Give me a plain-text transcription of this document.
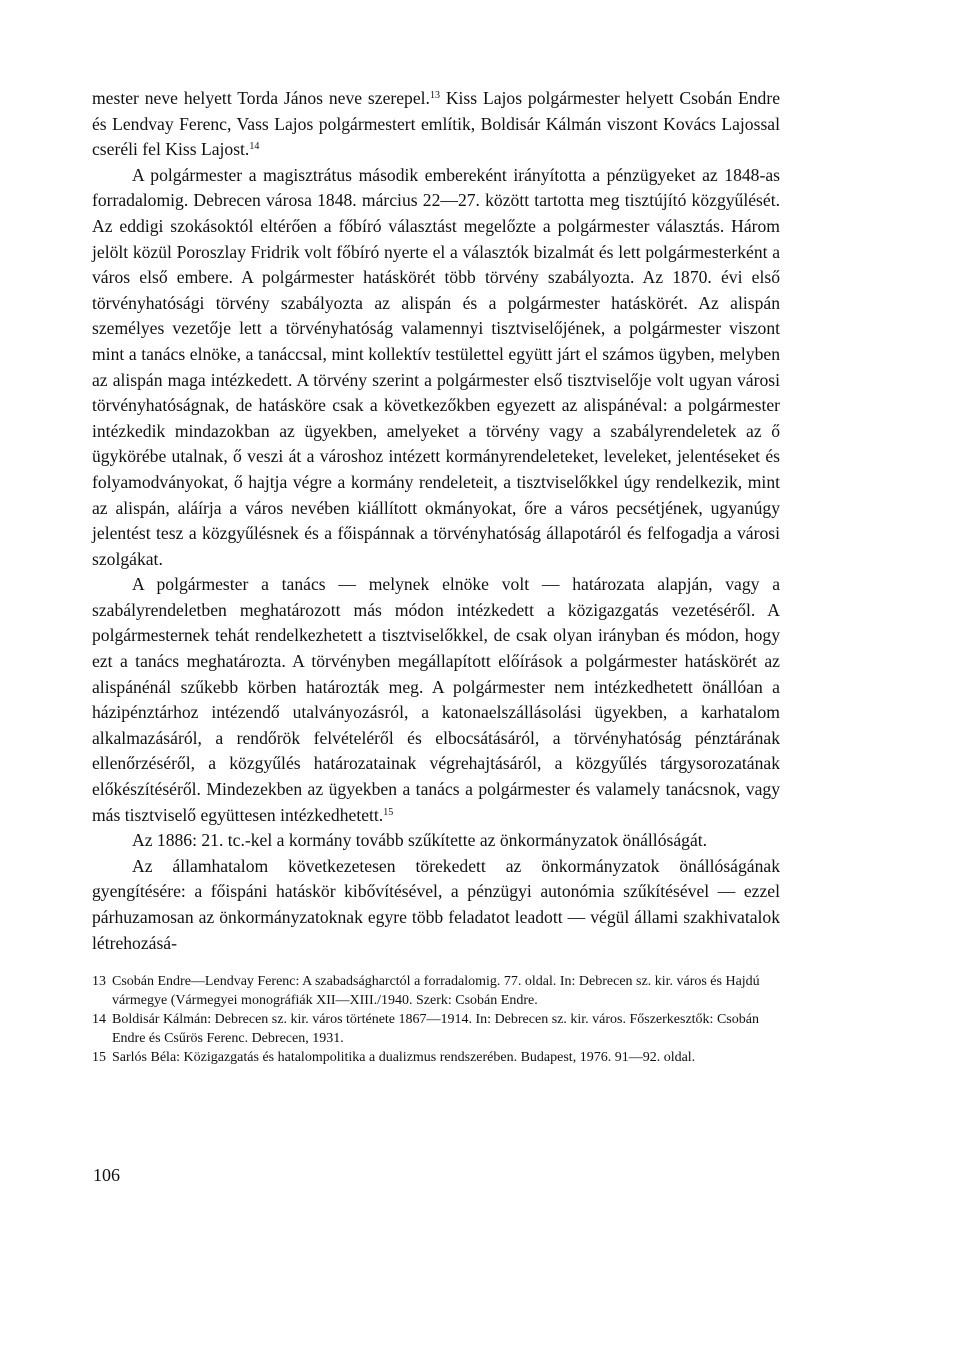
mester neve helyett Torda János neve szerepel.$^{13}$ Kiss Lajos polgármester helyett Csobán Endre és Lendvay Ferenc, Vass Lajos polgármestert említik, Boldisár Kálmán viszont Kovács Lajossal cseréli fel Kiss Lajost.$^{14}$

A polgármester a magisztrátus második embereként irányította a pénzügyeket az 1848-as forradalomig. Debrecen városa 1848. március 22—27. között tartotta meg tisztújító közgyűlését. Az eddigi szokásoktól eltérően a főbíró választást megelőzte a polgármester választás. Három jelölt közül Poroszlay Fridrik volt főbíró nyerte el a választók bizalmát és lett polgármesterként a város első embere. A polgármester hatáskörét több törvény szabályozta. Az 1870. évi első törvényhatósági törvény szabályozta az alispán és a polgármester hatáskörét. Az alispán személyes vezetője lett a törvényhatóság valamennyi tisztviselőjének, a polgármester viszont mint a tanács elnöke, a tanáccsal, mint kollektív testülettel együtt járt el számos ügyben, melyben az alispán maga intézkedett. A törvény szerint a polgármester első tisztviselője volt ugyan városi törvényhatóságnak, de hatásköre csak a következőkben egyezett az alispánéval: a polgármester intézkedik mindazokban az ügyekben, amelyeket a törvény vagy a szabályrendeletek az ő ügykörébe utalnak, ő veszi át a városhoz intézett kormányrendeleteket, leveleket, jelentéseket és folyamodványokat, ő hajtja végre a kormány rendeleteit, a tisztviselőkkel úgy rendelkezik, mint az alispán, aláírja a város nevében kiállított okmányokat, őre a város pecsétjének, ugyanúgy jelentést tesz a közgyűlésnek és a főispánnak a törvényhatóság állapotáról és felfogadja a városi szolgákat.

A polgármester a tanács — melynek elnöke volt — határozata alapján, vagy a szabályrendeletben meghatározott más módon intézkedett a közigazgatás vezetéséről. A polgármesternek tehát rendelkezhetett a tisztviselőkkel, de csak olyan irányban és módon, hogy ezt a tanács meghatározta. A törvényben megállapított előírások a polgármester hatáskörét az alispánénál szűkebb körben határozták meg. A polgármester nem intézkedhetett önállóan a házipénztárhoz intézendő utalványozásról, a katonaelszállásolási ügyekben, a karhatalom alkalmazásáról, a rendőrök felvételéről és elbocsátásáról, a törvényhatóság pénztárának ellenőrzéséről, a közgyűlés határozatainak végrehajtásáról, a közgyűlés tárgysorozatának előkészítéséről. Mindezekben az ügyekben a tanács a polgármester és valamely tanácsnok, vagy más tisztviselő együttesen intézkedhetett.$^{15}$

Az 1886: 21. tc.-kel a kormány tovább szűkítette az önkormányzatok önállóságát.

Az államhatalom következetesen törekedett az önkormányzatok önállóságának gyengítésére: a főispáni hatáskör kibővítésével, a pénzügyi autonómia szűkítésével — ezzel párhuzamosan az önkormányzatoknak egyre több feladatot leadott — végül állami szakhivatalok létrehozásá-

13 Csobán Endre—Lendvay Ferenc: A szabadságharctól a forradalomig. 77. oldal. In: Debrecen sz. kir. város és Hajdú vármegye (Vármegyei monográfiák XII—XIII./1940. Szerk: Csobán Endre.

14 Boldisár Kálmán: Debrecen sz. kir. város története 1867—1914. In: Debrecen sz. kir. város. Főszerkesztők: Csobán Endre és Csűrös Ferenc. Debrecen, 1931.

15 Sarlós Béla: Közigazgatás és hatalompolitika a dualizmus rendszerében. Budapest, 1976. 91—92. oldal.

106
